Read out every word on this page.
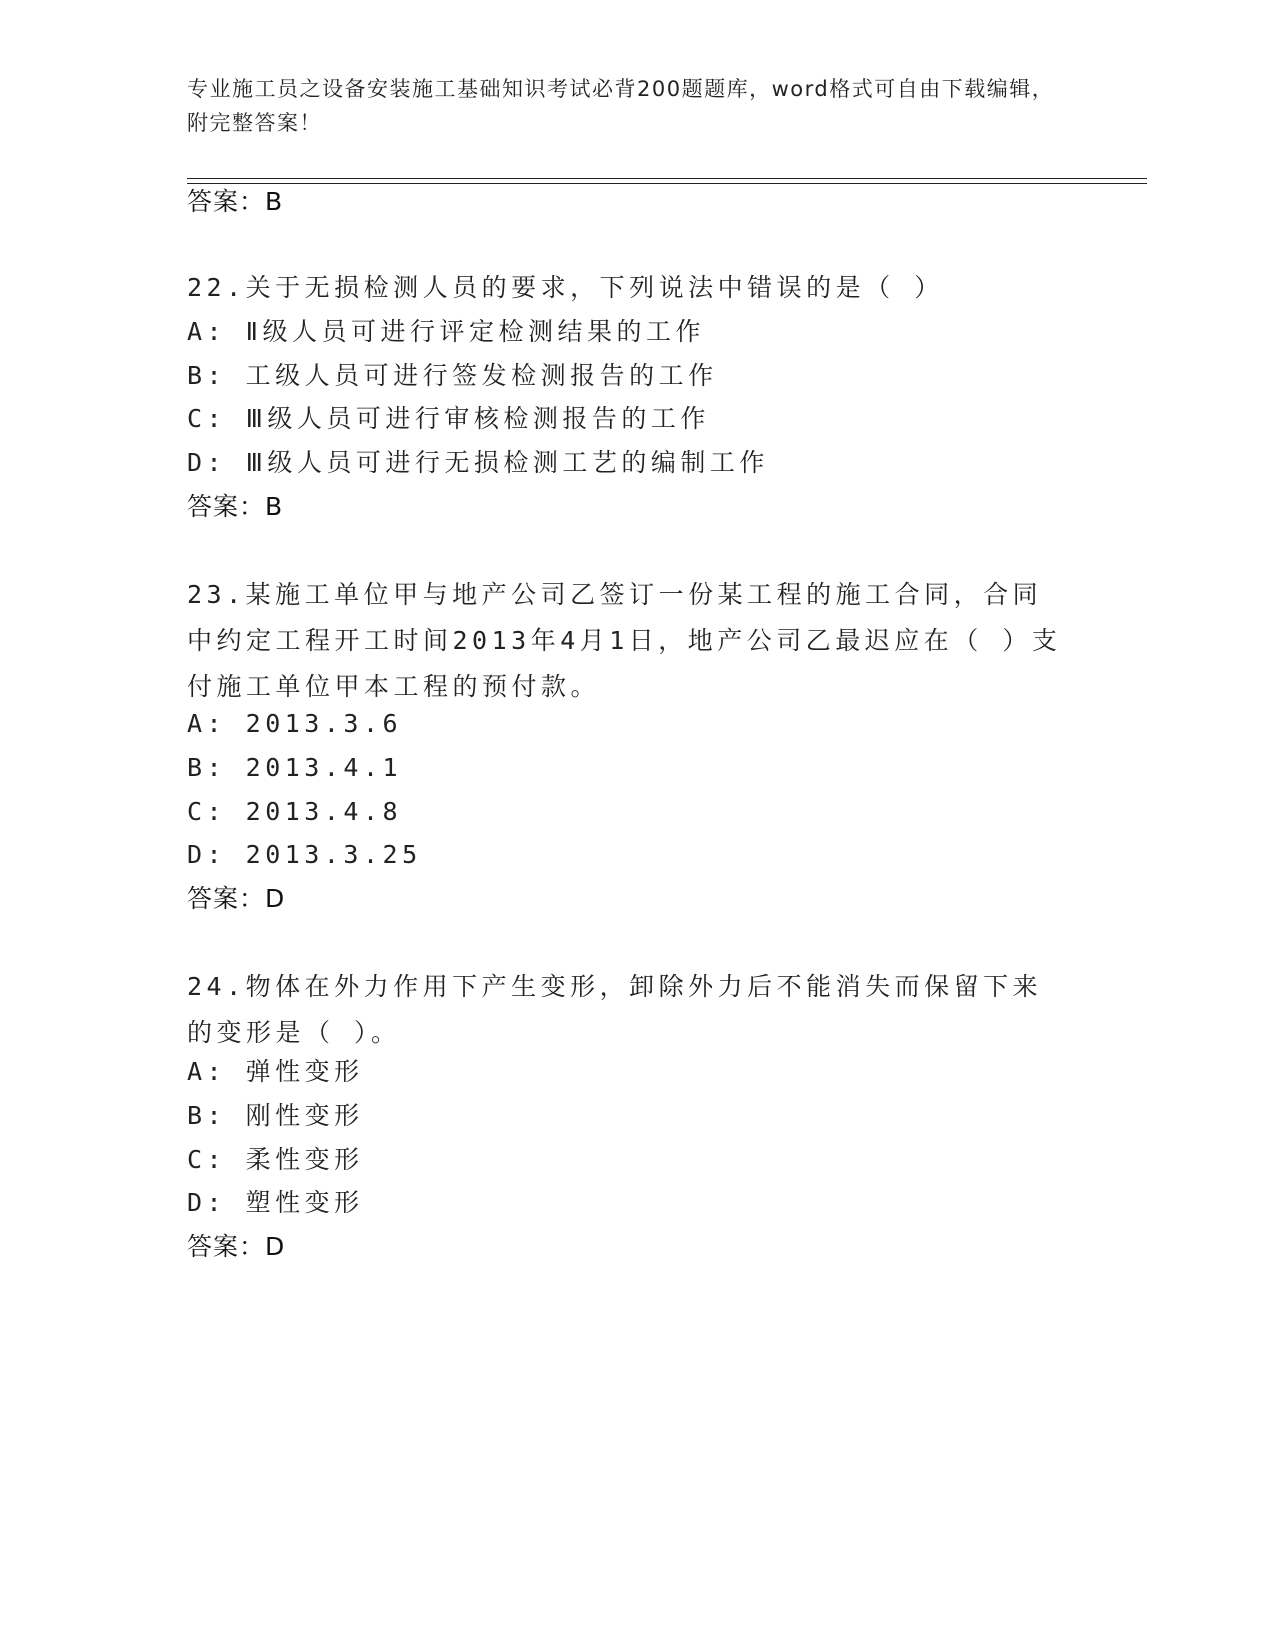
专业施工员之设备安装施工基础知识考试必背200题题库，word格式可自由下载编辑，附完整答案！
答案：B
22.关于无损检测人员的要求，下列说法中错误的是（ ）
A: Ⅱ级人员可进行评定检测结果的工作
B: 工级人员可进行签发检测报告的工作
C: Ⅲ级人员可进行审核检测报告的工作
D: Ⅲ级人员可进行无损检测工艺的编制工作
答案：B
23.某施工单位甲与地产公司乙签订一份某工程的施工合同，合同中约定工程开工时间2013年4月1日，地产公司乙最迟应在（ ）支付施工单位甲本工程的预付款。
A: 2013.3.6
B: 2013.4.1
C: 2013.4.8
D: 2013.3.25
答案：D
24.物体在外力作用下产生变形，卸除外力后不能消失而保留下来的变形是（ ）。
A: 弹性变形
B: 刚性变形
C: 柔性变形
D: 塑性变形
答案：D
